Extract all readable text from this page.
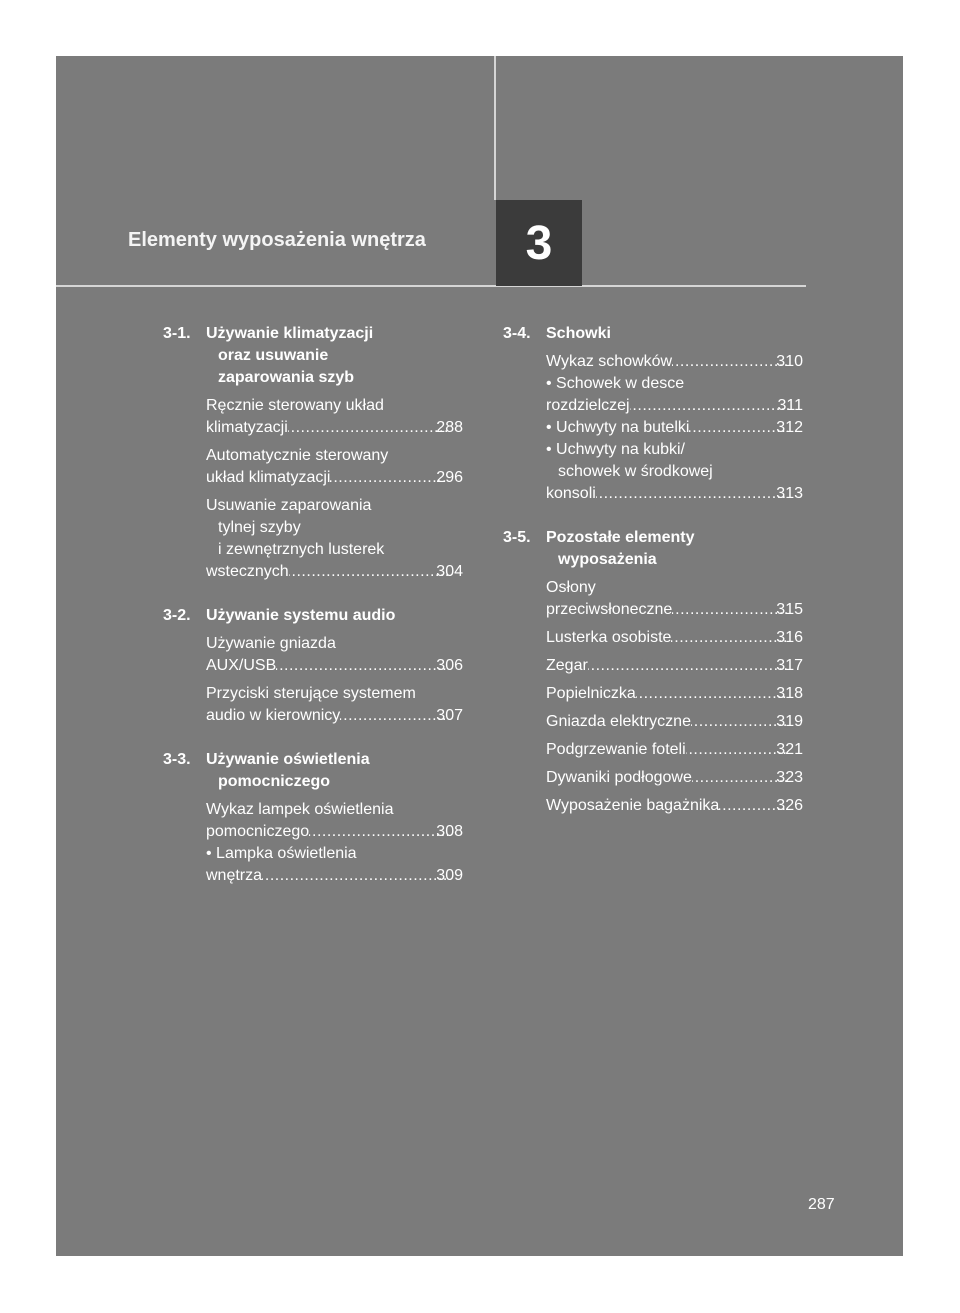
Elementy wyposażenia wnętrza 3
3-1. Używanie klimatyzacji
oraz usuwanie
zaparowania szyb
Ręcznie sterowany układ
klimatyzacji .....	288
Automatycznie sterowany
układ klimatyzacji .....	296
Usuwanie zaparowania
tylnej szyby
i zewnętrznych lusterek
wstecznych .....	304
3-2. Używanie systemu audio
Używanie gniazda
AUX/USB .....	306
Przyciski sterujące systemem
audio w kierownicy .....	307
3-3. Używanie oświetlenia
pomocniczego
Wykaz lampek oświetlenia
pomocniczego .....	308
• Lampka oświetlenia
wnętrza .....	309
3-4. Schowki
Wykaz schowków .....	310
• Schowek w desce
rozdzielczej .....	311
• Uchwyty na butelki .....	312
• Uchwyty na kubki/
schowek w środkowej
konsoli .....	313
3-5. Pozostałe elementy
wyposażenia
Osłony
przeciwsłoneczne .....	315
Lusterka osobiste .....	316
Zegar .....	317
Popielniczka .....	318
Gniazda elektryczne .....	319
Podgrzewanie foteli .....	321
Dywaniki podłogowe .....	323
Wyposażenie bagażnika .....	326
287
